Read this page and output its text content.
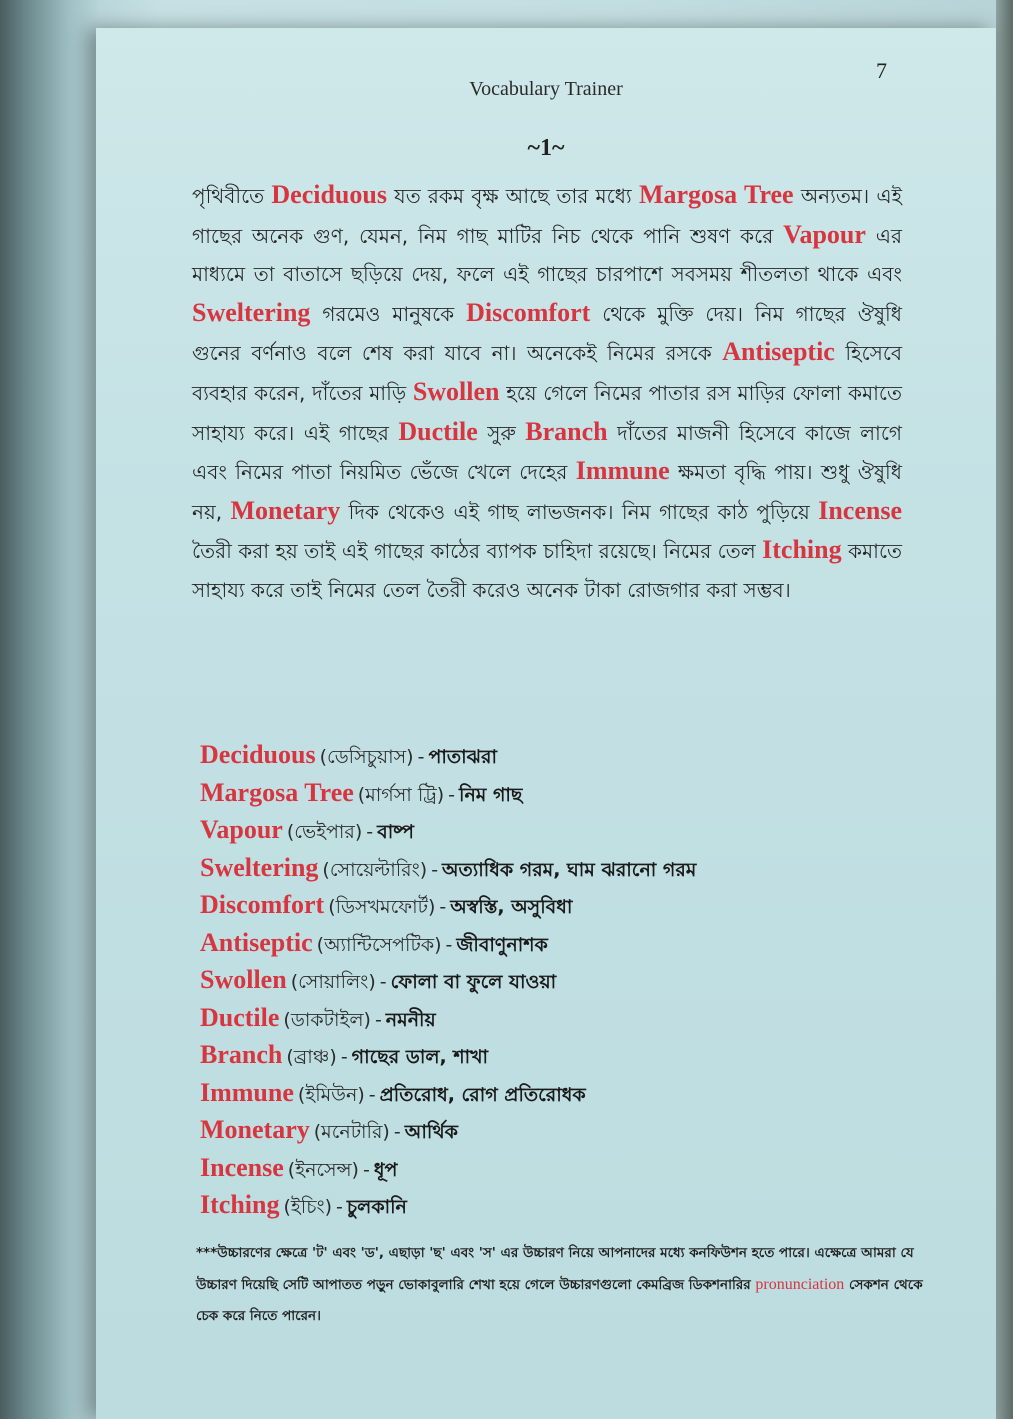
7
Vocabulary Trainer
~1~

পৃথিবীতে Deciduous যত রকম বৃক্ষ আছে তার মধ্যে Margosa Tree অন্যতম। এই গাছের অনেক গুণ, যেমন, নিম গাছ মাটির নিচ থেকে পানি শুষণ করে Vapour এর মাধ্যমে তা বাতাসে ছড়িয়ে দেয়, ফলে এই গাছের চারপাশে সবসময় শীতলতা থাকে এবং Sweltering গরমেও মানুষকে Discomfort থেকে মুক্তি দেয়। নিম গাছের ঔষুধি গুনের বর্ণনাও বলে শেষ করা যাবে না। অনেকেই নিমের রসকে Antiseptic হিসেবে ব্যবহার করেন, দাঁতের মাড়ি Swollen হয়ে গেলে নিমের পাতার রস মাড়ির ফোলা কমাতে সাহায্য করে। এই গাছের Ductile সুরু Branch দাঁতের মাজনী হিসেবে কাজে লাগে এবং নিমের পাতা নিয়মিত ভেঁজে খেলে দেহের Immune ক্ষমতা বৃদ্ধি পায়। শুধু ঔষুধি নয়, Monetary দিক থেকেও এই গাছ লাভজনক। নিম গাছের কাঠ পুড়িয়ে Incense তৈরী করা হয় তাই এই গাছের কাঠের ব্যাপক চাহিদা রয়েছে। নিমের তেল Itching কমাতে সাহায্য করে তাই নিমের তেল তৈরী করেও অনেক টাকা রোজগার করা সম্ভব।

Deciduous (ডেসিচুয়াস) - পাতাঝরা
Margosa Tree (মার্গসা ট্রি) - নিম গাছ
Vapour (ভেইপার) - বাষ্প
Sweltering (সোয়েল্টারিং) - অত্যাধিক গরম, ঘাম ঝরানো গরম
Discomfort (ডিসখমফোর্ট) - অস্বস্তি, অসুবিধা
Antiseptic (অ্যান্টিসেপটিক) - জীবাণুনাশক
Swollen (সোয়ালিং) - ফোলা বা ফুলে যাওয়া
Ductile (ডাকটাইল) - নমনীয়
Branch (ব্রাঞ্চ) - গাছের ডাল, শাখা
Immune (ইমিউন) - প্রতিরোধ, রোগ প্রতিরোধক
Monetary (মনেটারি) - আর্থিক
Incense (ইনসেন্স) - ধূপ
Itching (ইচিং) - চুলকানি

***উচ্চারণের ক্ষেত্রে 'ট' এবং 'ড', এছাড়া 'ছ' এবং 'স' এর উচ্চারণ নিয়ে আপনাদের মধ্যে কনফিউশন হতে পারে। এক্ষেত্রে আমরা যে উচ্চারণ দিয়েছি সেটি আপাতত পড়ুন ভোকাবুলারি শেখা হয়ে গেলে উচ্চারণগুলো কেমব্রিজ ডিকশনারির pronunciation সেকশন থেকে চেক করে নিতে পারেন।
